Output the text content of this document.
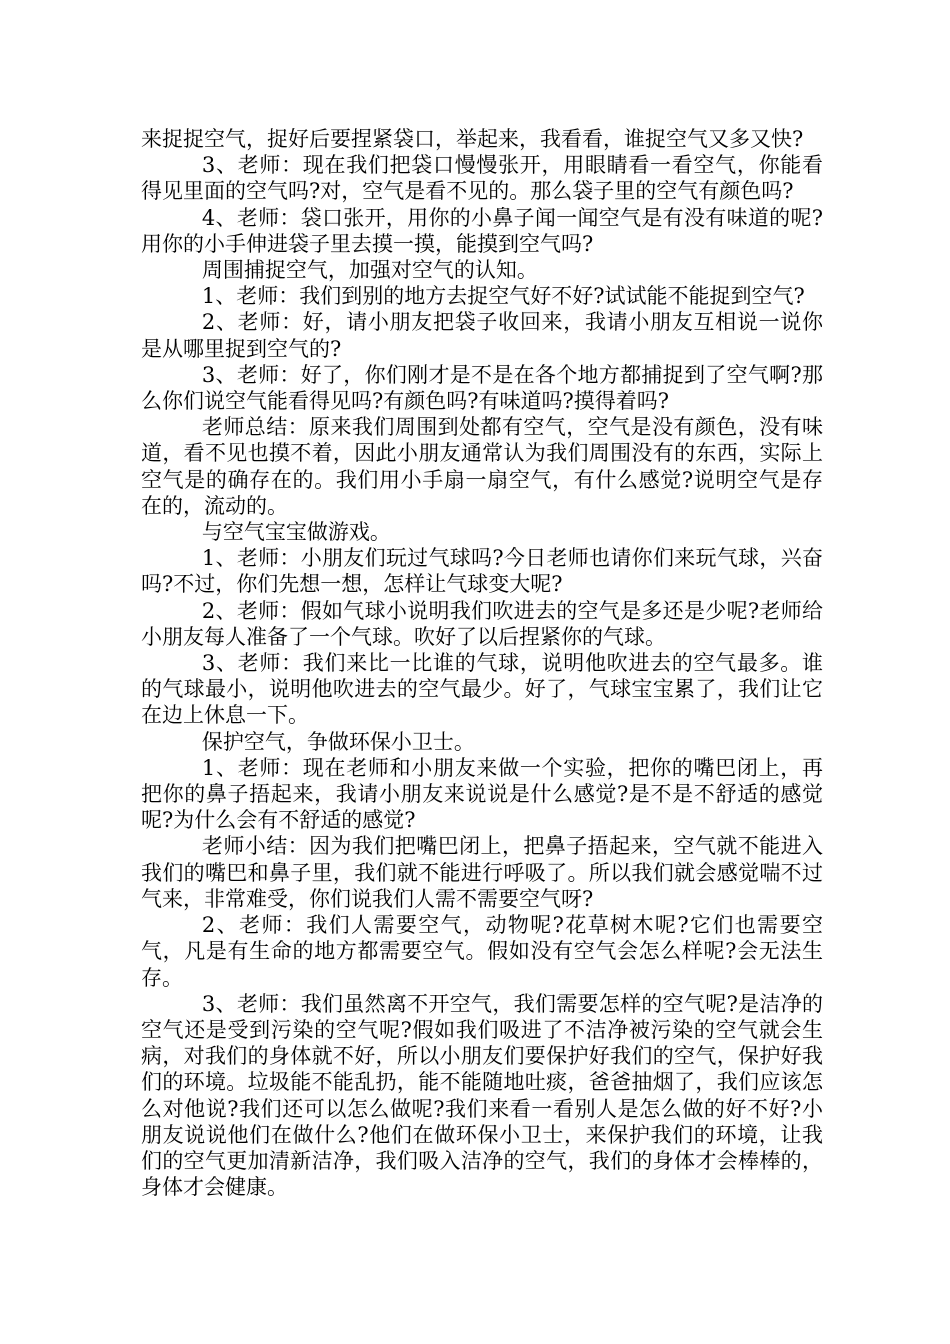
来捉捉空气，捉好后要捏紧袋口，举起来，我看看，谁捉空气又多又快?

3、老师：现在我们把袋口慢慢张开，用眼睛看一看空气，你能看得见里面的空气吗?对，空气是看不见的。那么袋子里的空气有颜色吗?

4、老师：袋口张开，用你的小鼻子闻一闻空气是有没有味道的呢?用你的小手伸进袋子里去摸一摸，能摸到空气吗?

周围捕捉空气，加强对空气的认知。

1、老师：我们到别的地方去捉空气好不好?试试能不能捉到空气?

2、老师：好，请小朋友把袋子收回来，我请小朋友互相说一说你是从哪里捉到空气的?

3、老师：好了，你们刚才是不是在各个地方都捕捉到了空气啊?那么你们说空气能看得见吗?有颜色吗?有味道吗?摸得着吗?

老师总结：原来我们周围到处都有空气，空气是没有颜色，没有味道，看不见也摸不着，因此小朋友通常认为我们周围没有的东西，实际上空气是的确存在的。我们用小手扇一扇空气，有什么感觉?说明空气是存在的，流动的。

与空气宝宝做游戏。

1、老师：小朋友们玩过气球吗?今日老师也请你们来玩气球，兴奋吗?不过，你们先想一想，怎样让气球变大呢?

2、老师：假如气球小说明我们吹进去的空气是多还是少呢?老师给小朋友每人准备了一个气球。吹好了以后捏紧你的气球。

3、老师：我们来比一比谁的气球，说明他吹进去的空气最多。谁的气球最小，说明他吹进去的空气最少。好了，气球宝宝累了，我们让它在边上休息一下。

保护空气，争做环保小卫士。

1、老师：现在老师和小朋友来做一个实验，把你的嘴巴闭上，再把你的鼻子捂起来，我请小朋友来说说是什么感觉?是不是不舒适的感觉呢?为什么会有不舒适的感觉?

老师小结：因为我们把嘴巴闭上，把鼻子捂起来，空气就不能进入我们的嘴巴和鼻子里，我们就不能进行呼吸了。所以我们就会感觉喘不过气来，非常难受，你们说我们人需不需要空气呀?

2、老师：我们人需要空气，动物呢?花草树木呢?它们也需要空气，凡是有生命的地方都需要空气。假如没有空气会怎么样呢?会无法生存。

3、老师：我们虽然离不开空气，我们需要怎样的空气呢?是洁净的空气还是受到污染的空气呢?假如我们吸进了不洁净被污染的空气就会生病，对我们的身体就不好，所以小朋友们要保护好我们的空气，保护好我们的环境。垃圾能不能乱扔，能不能随地吐痰，爸爸抽烟了，我们应该怎么对他说?我们还可以怎么做呢?我们来看一看别人是怎么做的好不好?小朋友说说他们在做什么?他们在做环保小卫士，来保护我们的环境，让我们的空气更加清新洁净，我们吸入洁净的空气，我们的身体才会棒棒的，身体才会健康。
